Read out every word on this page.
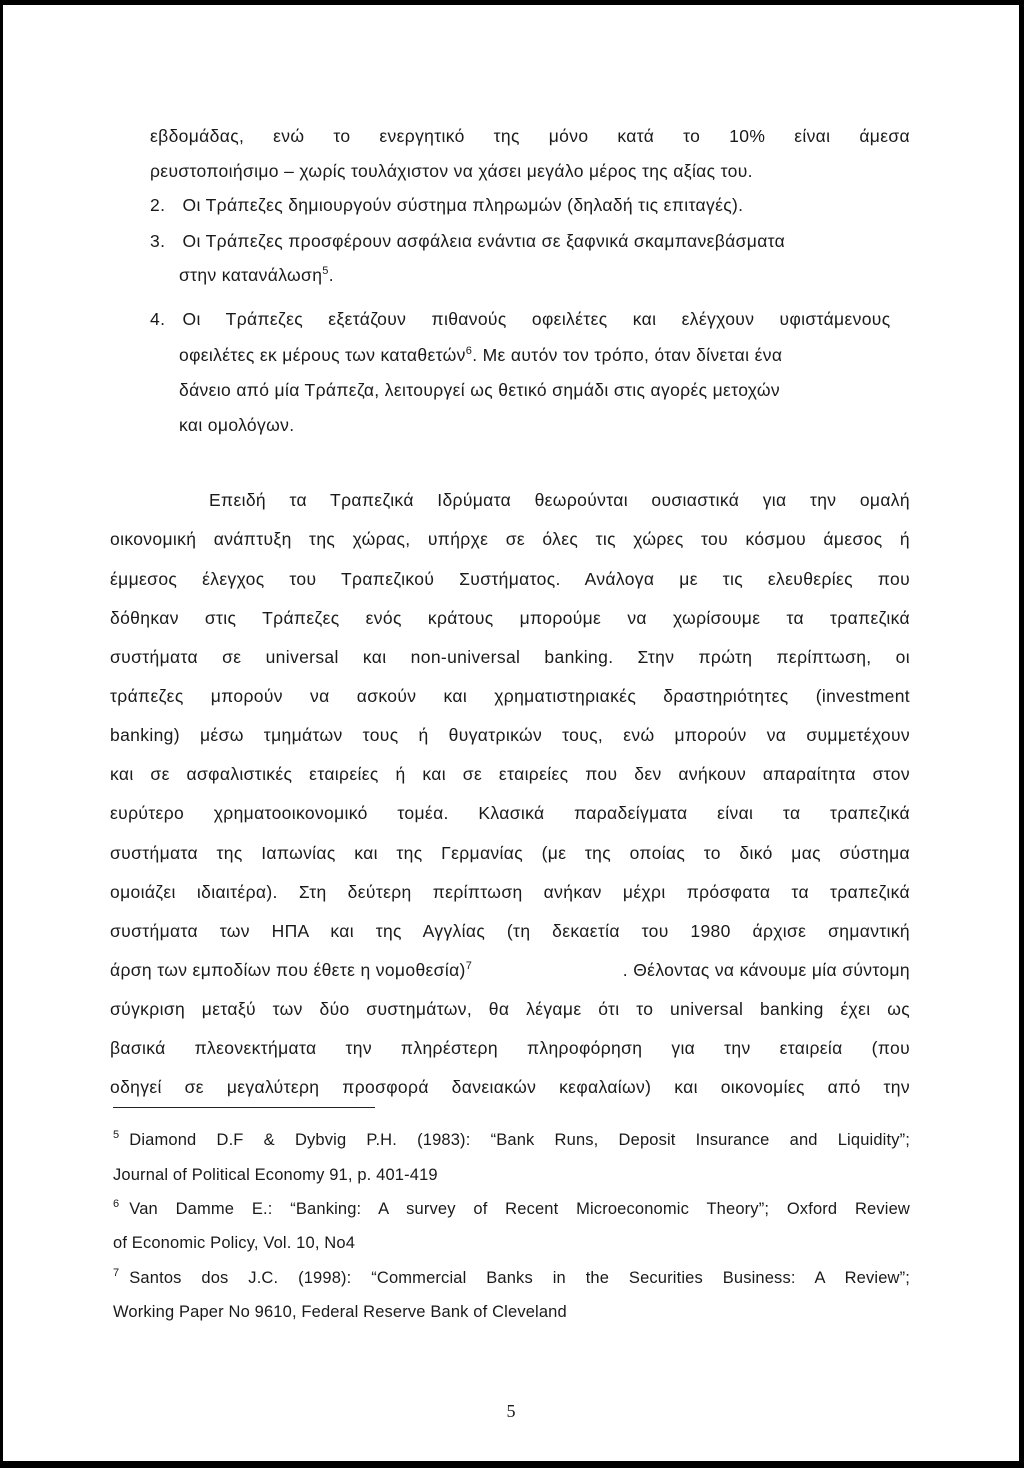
εβδομάδας, ενώ το ενεργητικό της μόνο κατά το 10% είναι άμεσα
ρευστοποιήσιμο – χωρίς τουλάχιστον να χάσει μεγάλο μέρος της αξίας του.
2. Οι Τράπεζες δημιουργούν σύστημα πληρωμών (δηλαδή τις επιταγές).
3. Οι Τράπεζες προσφέρουν ασφάλεια ενάντια σε ξαφνικά σκαμπανεβάσματα
στην κατανάλωση$^5$.
4. Οι Τράπεζες εξετάζουν πιθανούς οφειλέτες και ελέγχουν υφιστάμενους
οφειλέτες εκ μέρους των καταθετών$^6$. Με αυτόν τον τρόπο, όταν δίνεται ένα
δάνειο από μία Τράπεζα, λειτουργεί ως θετικό σημάδι στις αγορές μετοχών
και ομολόγων.
Επειδή τα Τραπεζικά Ιδρύματα θεωρούνται ουσιαστικά για την ομαλή
οικονομική ανάπτυξη της χώρας, υπήρχε σε όλες τις χώρες του κόσμου άμεσος ή
έμμεσος έλεγχος του Τραπεζικού Συστήματος. Ανάλογα με τις ελευθερίες που
δόθηκαν στις Τράπεζες ενός κράτους μπορούμε να χωρίσουμε τα τραπεζικά
συστήματα σε universal και non-universal banking. Στην πρώτη περίπτωση, οι
τράπεζες μπορούν να ασκούν και χρηματιστηριακές δραστηριότητες (investment
banking) μέσω τμημάτων τους ή θυγατρικών τους, ενώ μπορούν να συμμετέχουν
και σε ασφαλιστικές εταιρείες ή και σε εταιρείες που δεν ανήκουν απαραίτητα στον
ευρύτερο χρηματοοικονομικό τομέα. Κλασικά παραδείγματα είναι τα τραπεζικά
συστήματα της Ιαπωνίας και της Γερμανίας (με της οποίας το δικό μας σύστημα
ομοιάζει ιδιαιτέρα). Στη δεύτερη περίπτωση ανήκαν μέχρι πρόσφατα τα τραπεζικά
συστήματα των ΗΠΑ και της Αγγλίας (τη δεκαετία του 1980 άρχισε σημαντική
άρση των εμποδίων που έθετε η νομοθεσία)$^7$	. Θέλοντας να κάνουμε μία σύντομη
σύγκριση μεταξύ των δύο συστημάτων, θα λέγαμε ότι το universal banking έχει ως
βασικά πλεονεκτήματα την πληρέστερη πληροφόρηση για την εταιρεία (που
οδηγεί σε μεγαλύτερη προσφορά δανειακών κεφαλαίων) και οικονομίες από την
$^5$ Diamond D.F & Dybvig P.H. (1983): “Bank Runs, Deposit Insurance and Liquidity”;
Journal of Political Economy 91, p. 401-419
$^6$ Van Damme E.: “Banking: A survey of Recent Microeconomic Theory”; Oxford Review
of Economic Policy, Vol. 10, No4
$^7$ Santos dos J.C. (1998): “Commercial Banks in the Securities Business: A Review”;
Working Paper No 9610, Federal Reserve Bank of Cleveland
5
